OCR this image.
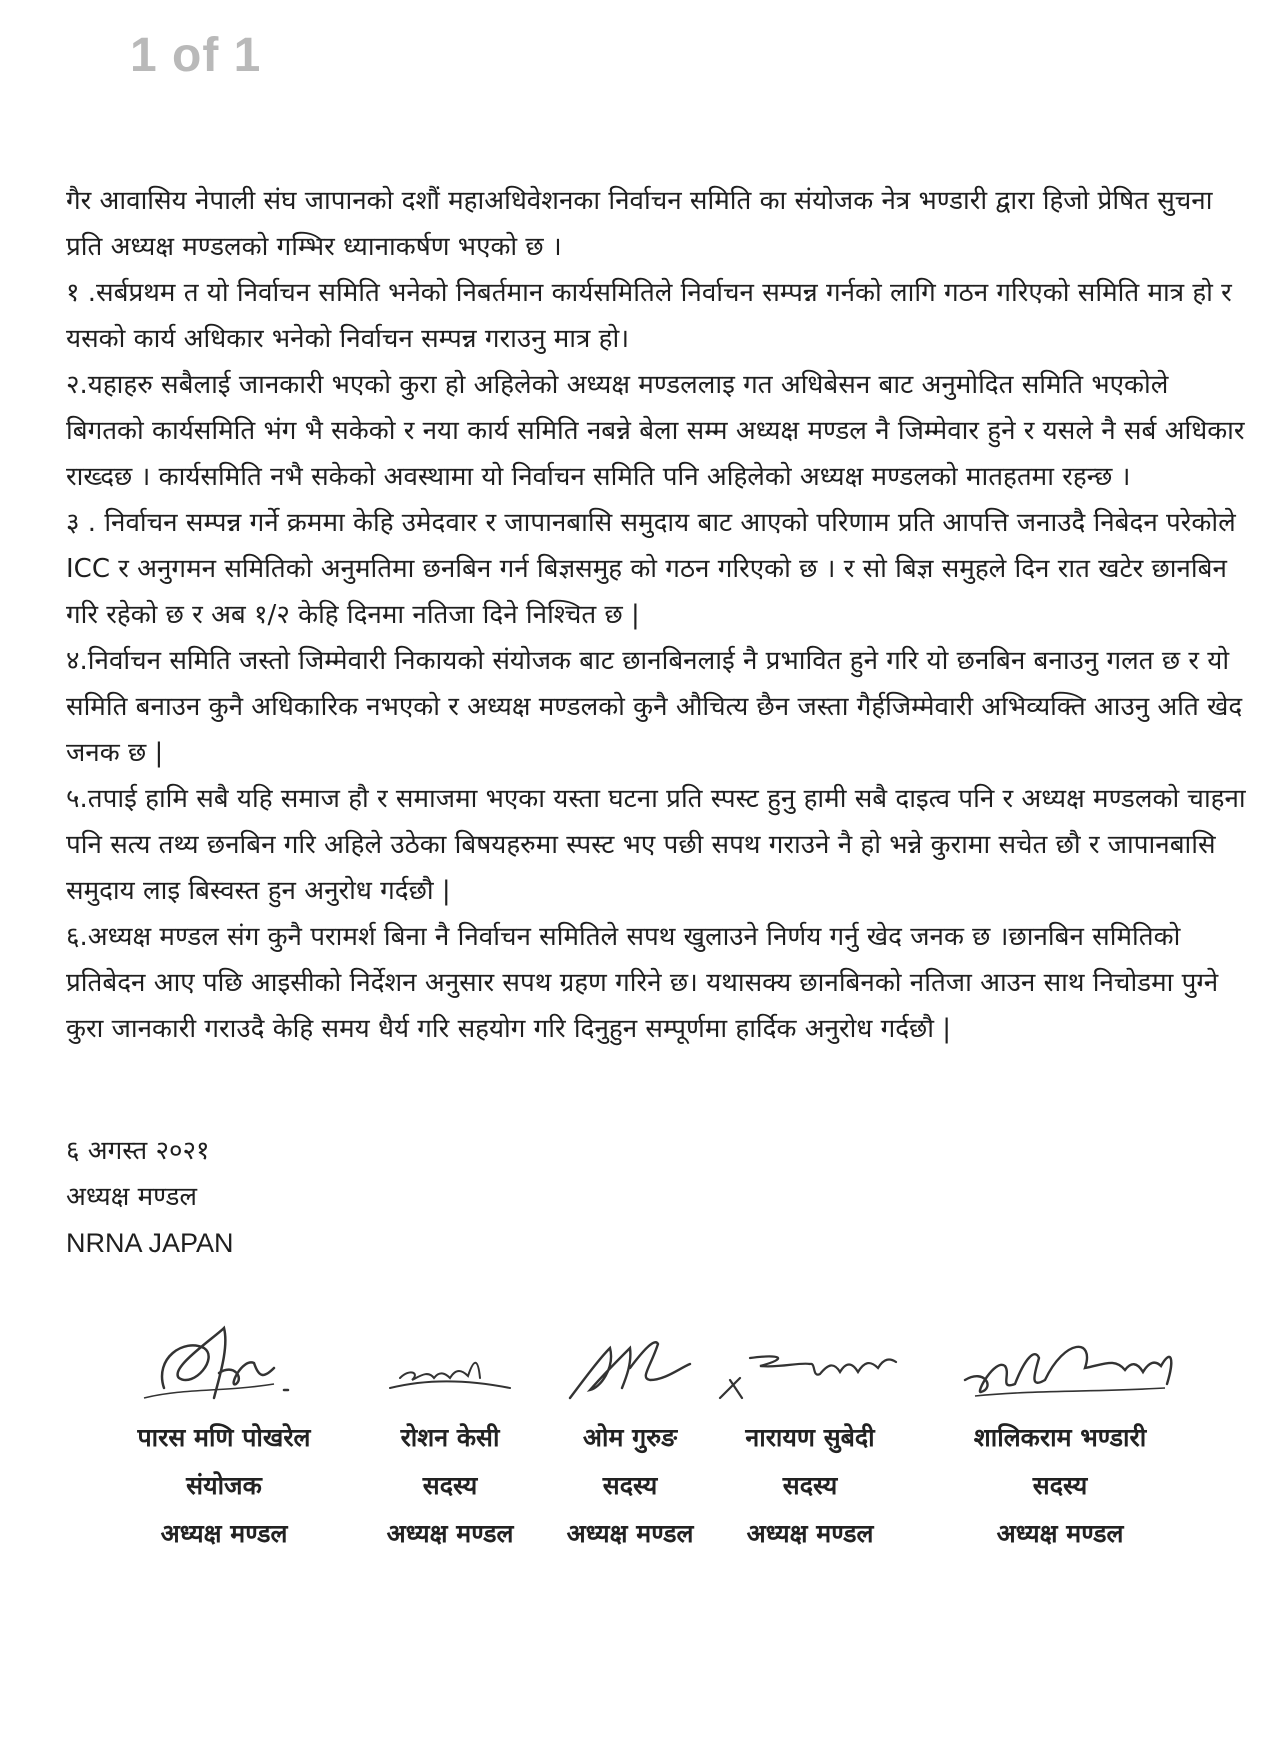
1 of 1

गैर आवासिय नेपाली संघ जापानको दशौं महाअधिवेशनका निर्वाचन समिति का संयोजक नेत्र भण्डारी द्वारा हिजो प्रेषित सुचना प्रति अध्यक्ष मण्डलको गम्भिर ध्यानाकर्षण भएको छ ।

१ .सर्बप्रथम त यो निर्वाचन समिति भनेको निबर्तमान कार्यसमितिले निर्वाचन सम्पन्न गर्नको लागि गठन गरिएको समिति मात्र हो र यसको कार्य अधिकार भनेको निर्वाचन सम्पन्न गराउनु मात्र हो।

२.यहाहरु सबैलाई जानकारी भएको कुरा हो अहिलेको अध्यक्ष मण्डललाइ गत अधिबेसन बाट अनुमोदित समिति भएकोले बिगतको कार्यसमिति भंग भै सकेको र नया कार्य समिति नबन्ने बेला सम्म अध्यक्ष मण्डल नै जिम्मेवार हुने र यसले नै सर्ब अधिकार राख्दछ । कार्यसमिति नभै सकेको अवस्थामा यो निर्वाचन समिति पनि अहिलेको अध्यक्ष मण्डलको मातहतमा रहन्छ ।

३ . निर्वाचन सम्पन्न गर्ने क्रममा केहि उमेदवार र जापानबासि समुदाय बाट आएको परिणाम प्रति आपत्ति जनाउदै निबेदन परेकोले ICC र अनुगमन समितिको अनुमतिमा छनबिन गर्न बिज्ञसमुह को गठन गरिएको छ । र सो बिज्ञ समुहले दिन रात खटेर छानबिन गरि रहेको छ र अब १/२ केहि दिनमा नतिजा दिने निश्चित छ |

४.निर्वाचन समिति जस्तो जिम्मेवारी निकायको संयोजक बाट छानबिनलाई नै प्रभावित हुने गरि यो छनबिन बनाउनु गलत छ र यो समिति बनाउन कुनै अधिकारिक नभएको र अध्यक्ष मण्डलको कुनै औचित्य छैन जस्ता गैर्हजिम्मेवारी अभिव्यक्ति आउनु अति खेद जनक छ |

५.तपाई हामि सबै यहि समाज हौ र समाजमा भएका यस्ता घटना प्रति स्पस्ट हुनु हामी सबै दाइत्व पनि र अध्यक्ष मण्डलको चाहना पनि सत्य तथ्य छनबिन गरि अहिले उठेका बिषयहरुमा स्पस्ट भए पछी सपथ गराउने नै हो भन्ने कुरामा सचेत छौ र जापानबासि समुदाय लाइ बिस्वस्त हुन अनुरोध गर्दछौ |

६.अध्यक्ष मण्डल संग कुनै परामर्श बिना नै निर्वाचन समितिले सपथ खुलाउने निर्णय गर्नु खेद जनक छ ।छानबिन समितिको प्रतिबेदन आए पछि आइसीको निर्देशन अनुसार सपथ ग्रहण गरिने छ। यथासक्य छानबिनको नतिजा आउन साथ निचोडमा पुग्ने कुरा जानकारी गराउदै केहि समय धैर्य गरि सहयोग गरि दिनुहुन सम्पूर्णमा हार्दिक अनुरोध गर्दछौ |

६ अगस्त २०२१

अध्यक्ष मण्डल

NRNA JAPAN

पारस मणि पोखरेल
संयोजक
अध्यक्ष मण्डल
रोशन केसी
सदस्य
अध्यक्ष मण्डल
ओम गुरुङ
सदस्य
अध्यक्ष मण्डल
नारायण सुबेदी
सदस्य
अध्यक्ष मण्डल
शालिकराम भण्डारी
सदस्य
अध्यक्ष मण्डल
